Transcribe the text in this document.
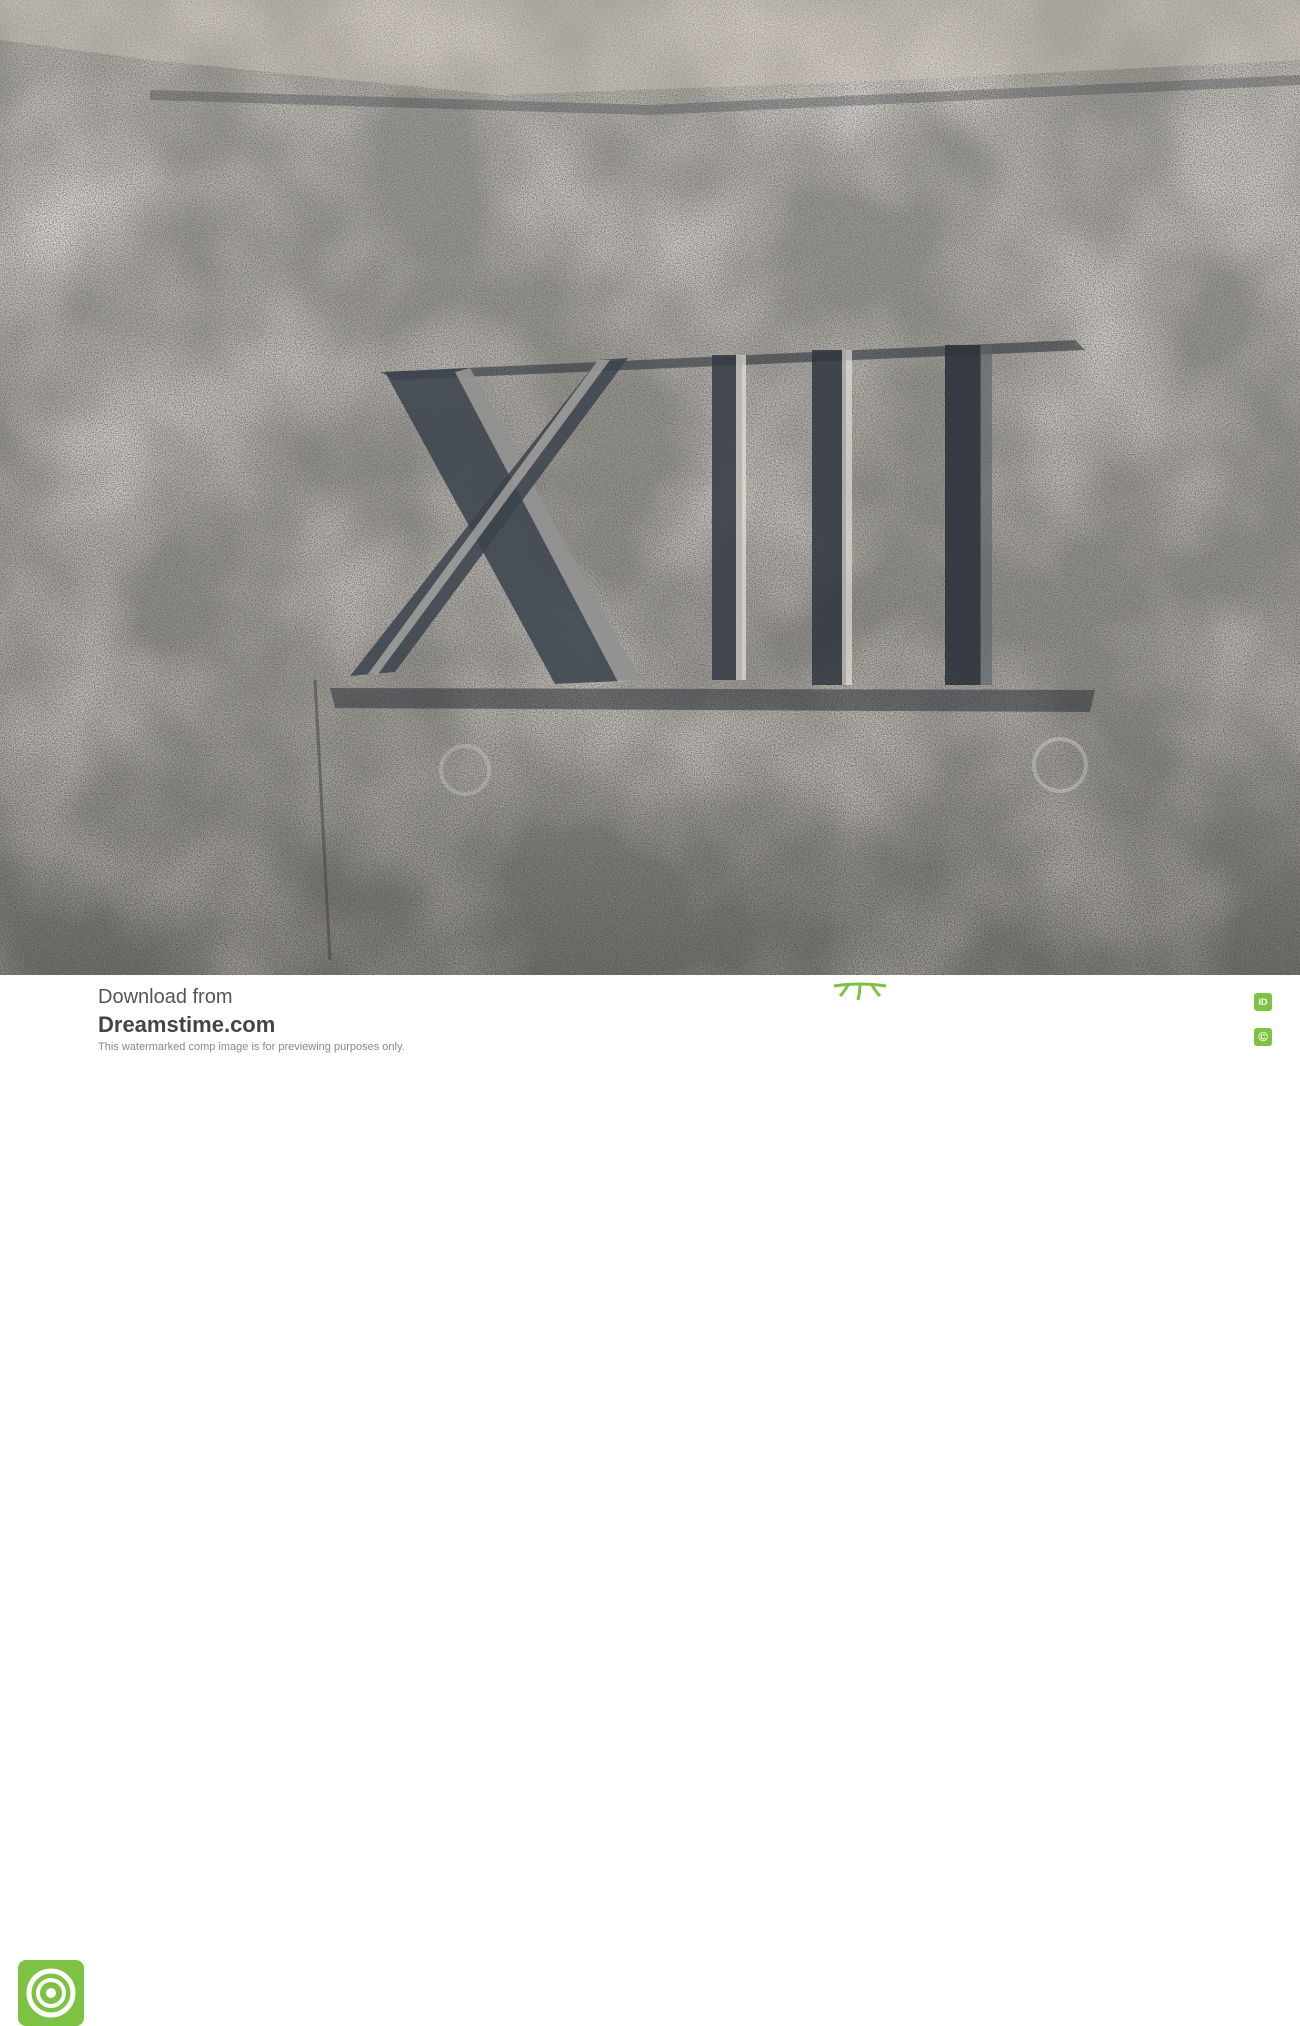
Download from
Dreamstime.com
This watermarked comp image is for previewing purposes only.
ID
©
